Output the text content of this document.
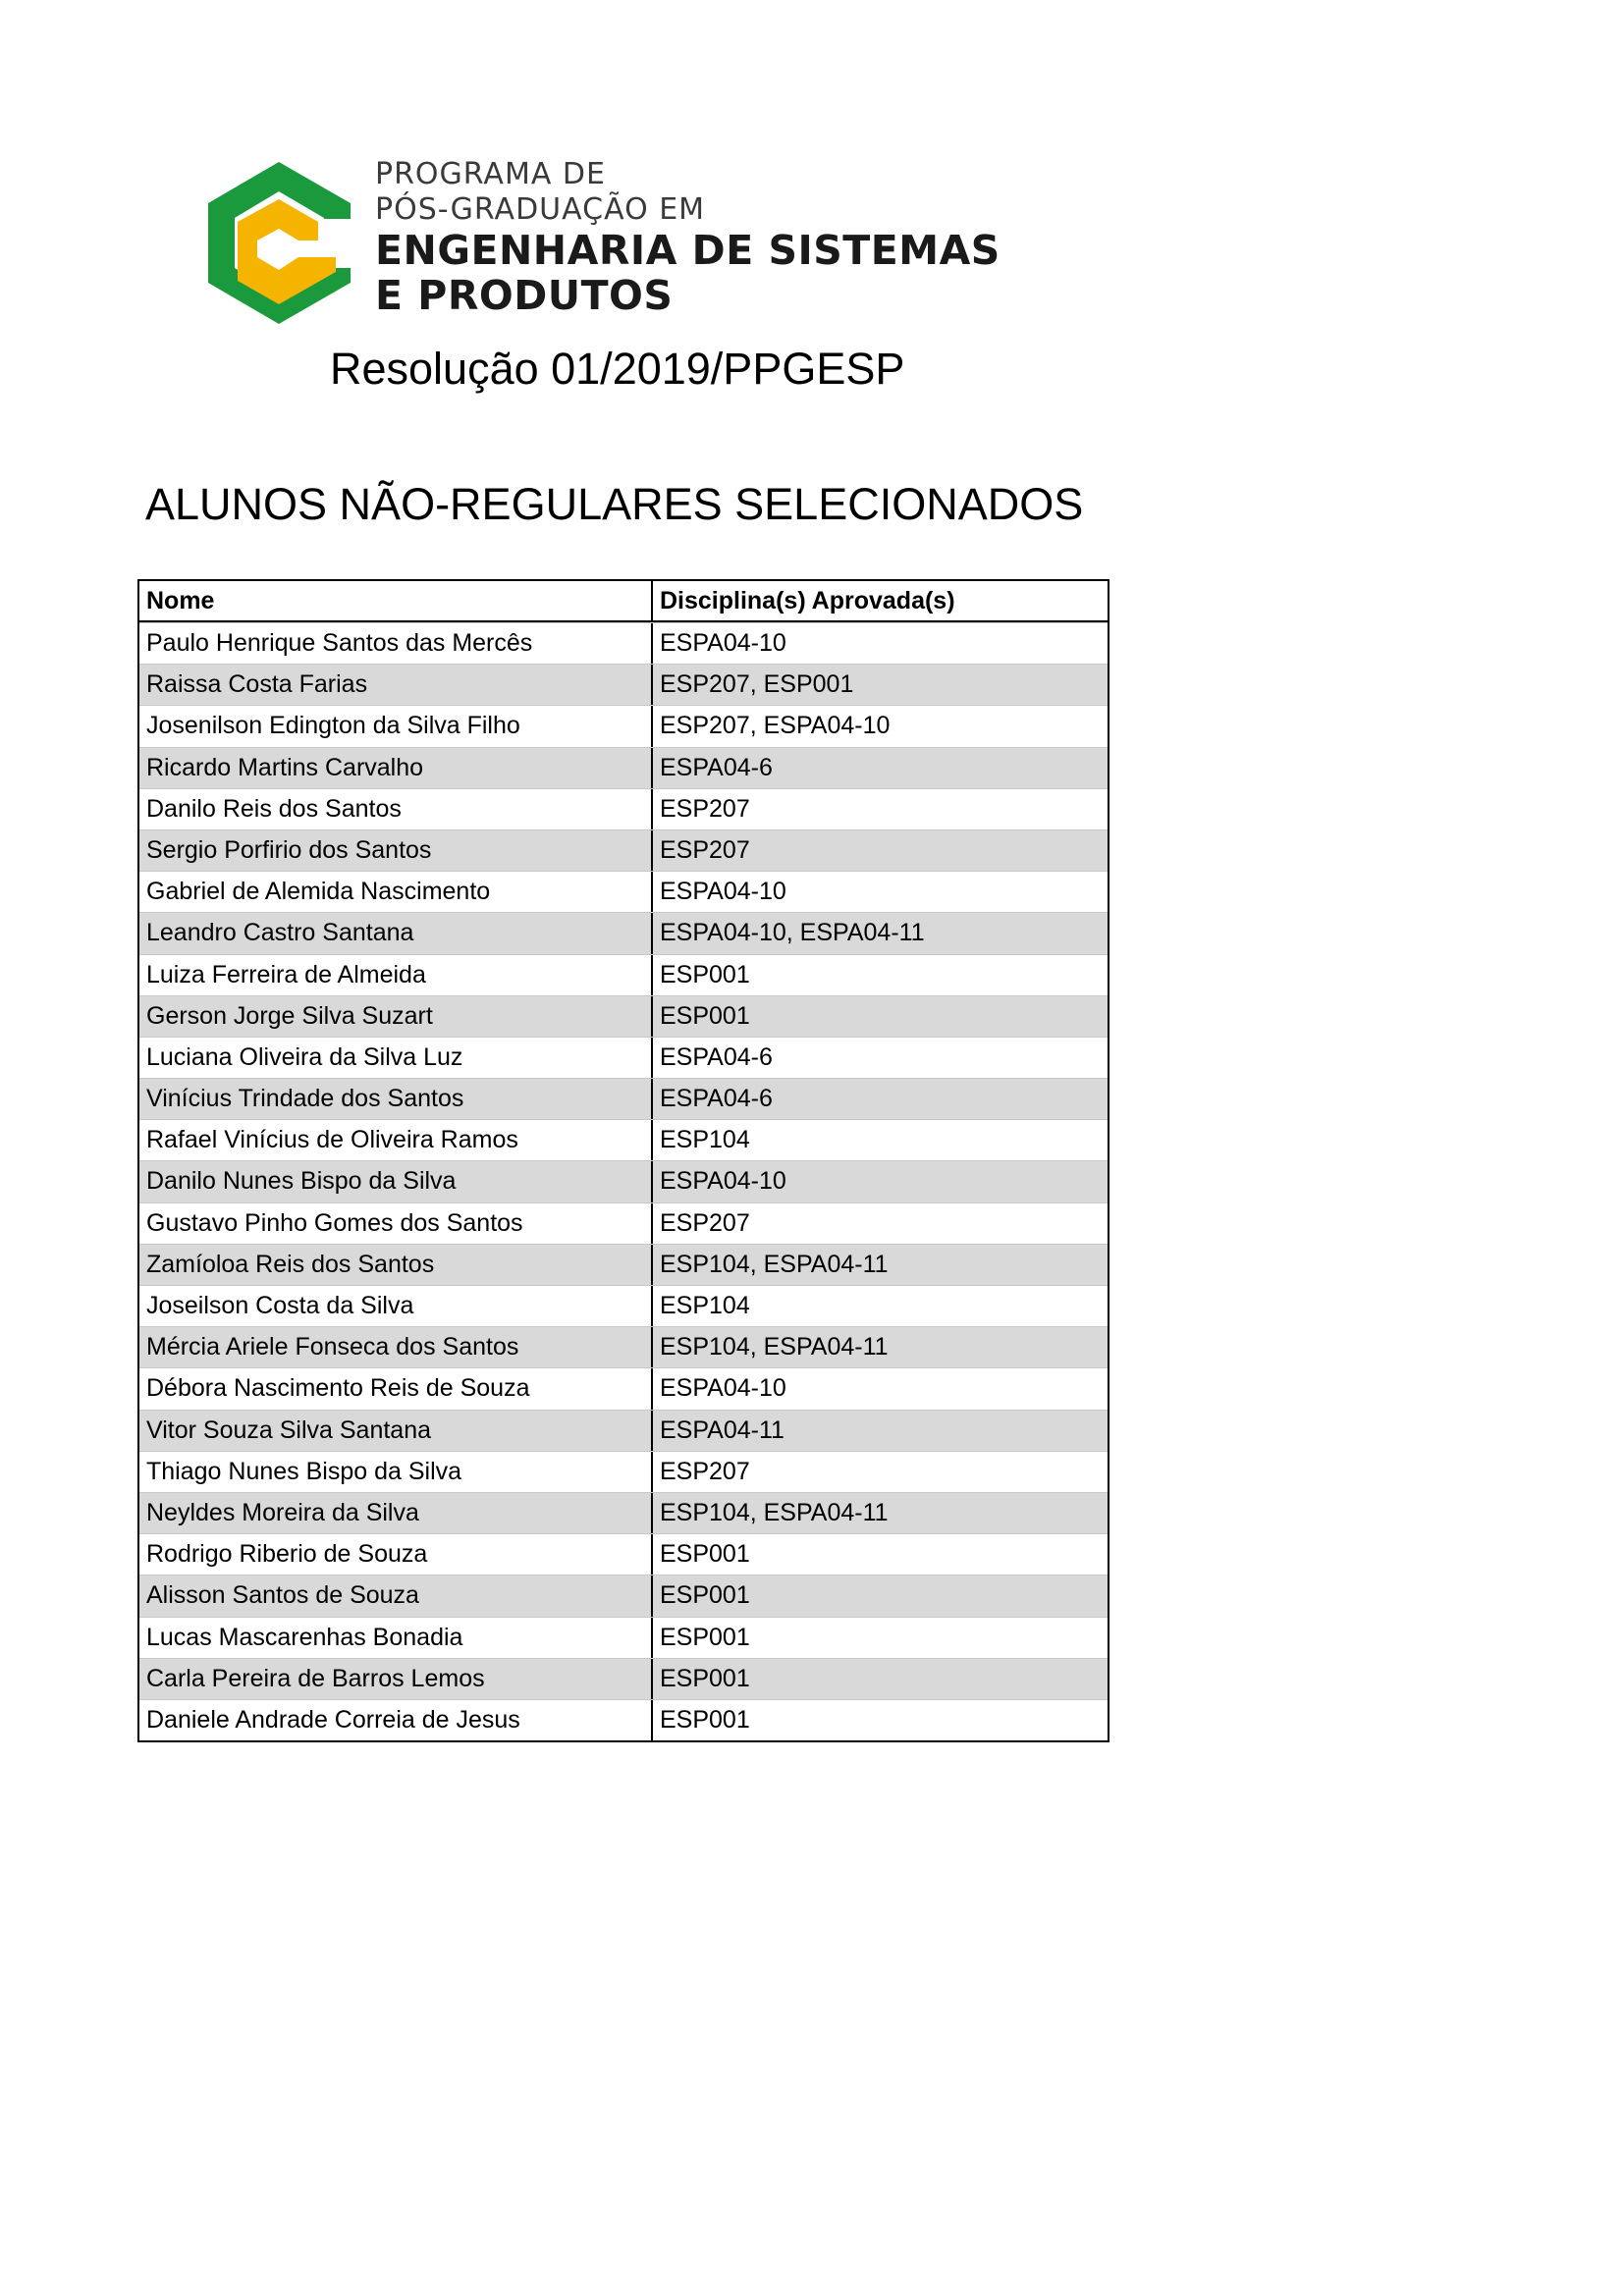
PROGRAMA DE
PÓS-GRADUAÇÃO EM
ENGENHARIA DE SISTEMAS
E PRODUTOS
Resolução 01/2019/PPGESP
ALUNOS NÃO-REGULARES SELECIONADOS
Nome	Disciplina(s) Aprovada(s)
Paulo Henrique Santos das Mercês	ESPA04-10
Raissa Costa Farias	ESP207, ESP001
Josenilson Edington da Silva Filho	ESP207, ESPA04-10
Ricardo Martins Carvalho	ESPA04-6
Danilo Reis dos Santos	ESP207
Sergio Porfirio dos Santos	ESP207
Gabriel de Alemida Nascimento	ESPA04-10
Leandro Castro Santana	ESPA04-10, ESPA04-11
Luiza Ferreira de Almeida	ESP001
Gerson Jorge Silva Suzart	ESP001
Luciana Oliveira da Silva Luz	ESPA04-6
Vinícius Trindade dos Santos	ESPA04-6
Rafael Vinícius de Oliveira Ramos	ESP104
Danilo Nunes Bispo da Silva	ESPA04-10
Gustavo Pinho Gomes dos Santos	ESP207
Zamíoloa Reis dos Santos	ESP104, ESPA04-11
Joseilson Costa da Silva	ESP104
Mércia Ariele Fonseca dos Santos	ESP104, ESPA04-11
Débora Nascimento Reis de Souza	ESPA04-10
Vitor Souza Silva Santana	ESPA04-11
Thiago Nunes Bispo da Silva	ESP207
Neyldes Moreira da Silva	ESP104, ESPA04-11
Rodrigo Riberio de Souza	ESP001
Alisson Santos de Souza	ESP001
Lucas Mascarenhas Bonadia	ESP001
Carla Pereira de Barros Lemos	ESP001
Daniele Andrade Correia de Jesus	ESP001
